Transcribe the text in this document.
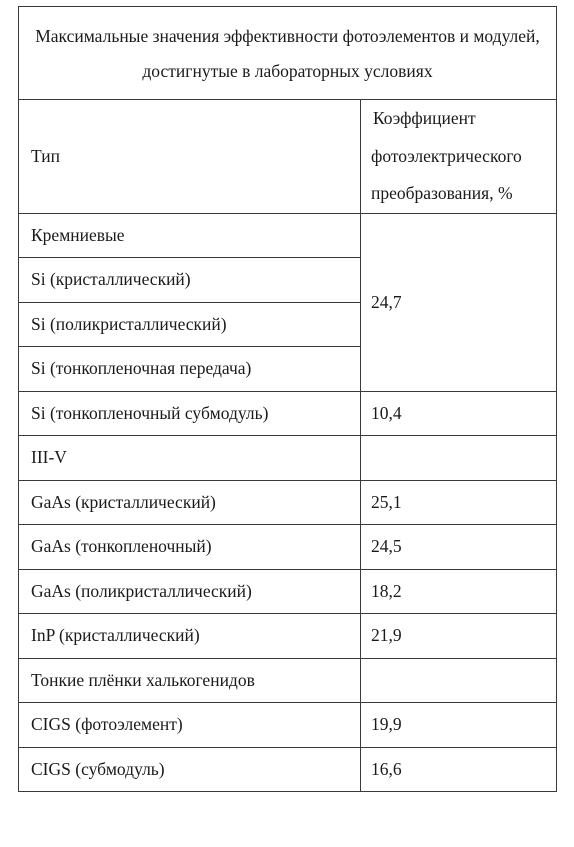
Максимальные значения эффективности фотоэлементов и модулей,
достигнутые в лабораторных условиях	

Тип	Коэффициент
фотоэлектрического
преобразования, %

Кремниевые	24,7
Si (кристаллический)	
Si (поликристаллический)	
Si (тонкопленочная передача)	
Si (тонкопленочный субмодуль)	10,4
III-V	
GaAs (кристаллический)	25,1
GaAs (тонкопленочный)	24,5
GaAs (поликристаллический)	18,2
InP (кристаллический)	21,9
Тонкие плёнки халькогенидов	
CIGS (фотоэлемент)	19,9
CIGS (субмодуль)	16,6
